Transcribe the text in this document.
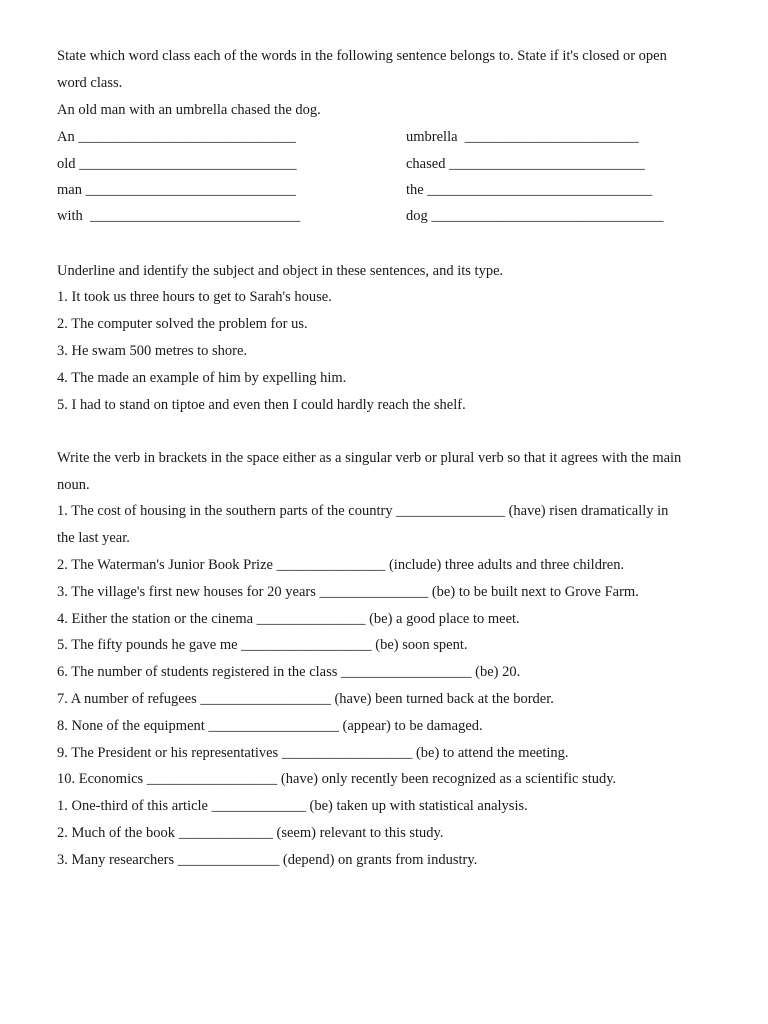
State which word class each of the words in the following sentence belongs to. State if it's closed or open
word class.
An old man with an umbrella chased the dog.
An ______________________________
old ______________________________
man _____________________________
with  _____________________________
umbrella  ________________________
chased ___________________________
the _______________________________
dog ________________________________
Underline and identify the subject and object in these sentences, and its type.
1. It took us three hours to get to Sarah's house.
2. The computer solved the problem for us.
3. He swam 500 metres to shore.
4. The made an example of him by expelling him.
5. I had to stand on tiptoe and even then I could hardly reach the shelf.
Write the verb in brackets in the space either as a singular verb or plural verb so that it agrees with the main
noun.
1. The cost of housing in the southern parts of the country _______________ (have) risen dramatically in
the last year.
2. The Waterman's Junior Book Prize _______________ (include) three adults and three children.
3. The village's first new houses for 20 years _______________ (be) to be built next to Grove Farm.
4. Either the station or the cinema _______________ (be) a good place to meet.
5. The fifty pounds he gave me __________________ (be) soon spent.
6. The number of students registered in the class __________________ (be) 20.
7. A number of refugees __________________ (have) been turned back at the border.
8. None of the equipment __________________ (appear) to be damaged.
9. The President or his representatives __________________ (be) to attend the meeting.
10. Economics __________________ (have) only recently been recognized as a scientific study.
1. One-third of this article _____________ (be) taken up with statistical analysis.
2. Much of the book _____________ (seem) relevant to this study.
3. Many researchers ______________ (depend) on grants from industry.
